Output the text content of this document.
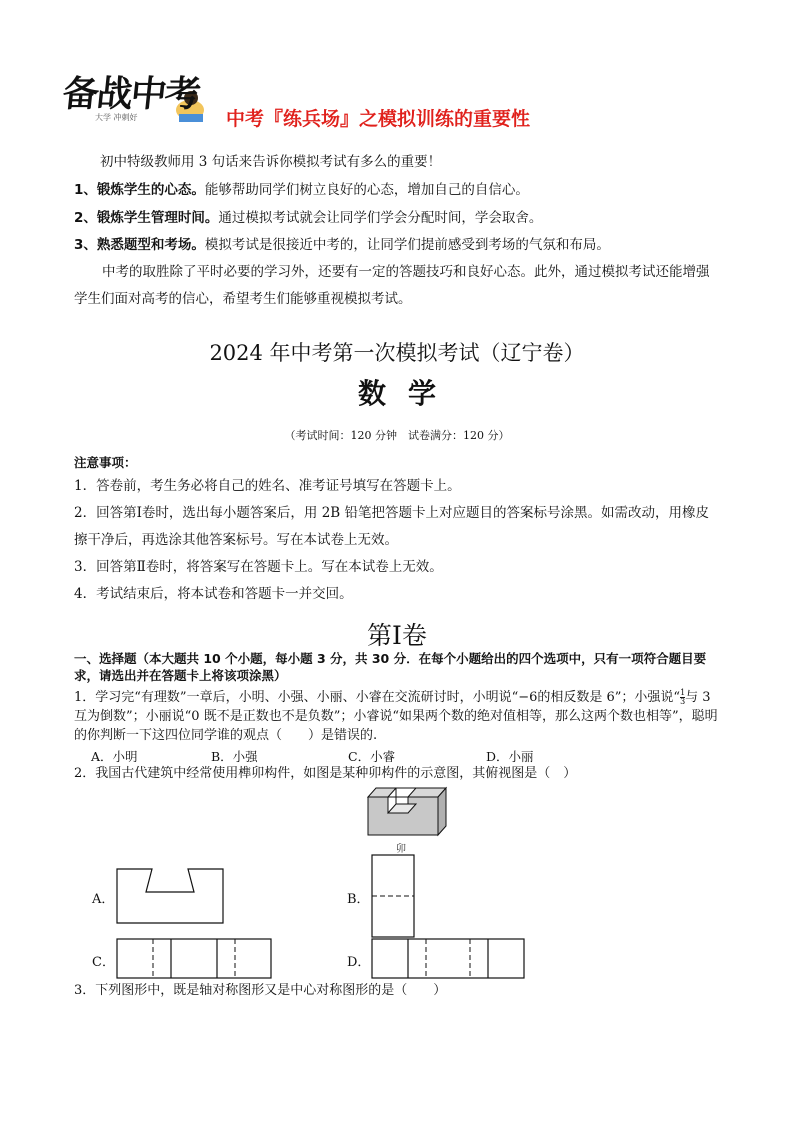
备战中考
大学 冲刺好	中考『练兵场』之模拟训练的重要性
初中特级教师用 3 句话来告诉你模拟考试有多么的重要！
1、锻炼学生的心态。能够帮助同学们树立良好的心态，增加自己的自信心。
2、锻炼学生管理时间。通过模拟考试就会让同学们学会分配时间，学会取舍。
3、熟悉题型和考场。模拟考试是很接近中考的，让同学们提前感受到考场的气氛和布局。
中考的取胜除了平时必要的学习外，还要有一定的答题技巧和良好心态。此外，通过模拟考试还能增强学生们面对高考的信心，希望考生们能够重视模拟考试。
2024 年中考第一次模拟考试（辽宁卷）
数学
（考试时间：120 分钟　试卷满分：120 分）
注意事项：
1．答卷前，考生务必将自己的姓名、准考证号填写在答题卡上。
2．回答第Ⅰ卷时，选出每小题答案后，用 2B 铅笔把答题卡上对应题目的答案标号涂黑。如需改动，用橡皮擦干净后，再选涂其他答案标号。写在本试卷上无效。
3．回答第Ⅱ卷时，将答案写在答题卡上。写在本试卷上无效。
4．考试结束后，将本试卷和答题卡一并交回。
第Ⅰ卷
一、选择题（本大题共 10 个小题，每小题 3 分，共 30 分．在每个小题给出的四个选项中，只有一项符合题目要求，请选出并在答题卡上将该项涂黑）
1．学习完“有理数”一章后，小明、小强、小丽、小睿在交流研讨时，小明说“−6的相反数是 6”；小强说“ $\frac{1}{3}$ 与 3 互为倒数”；小丽说“0 既不是正数也不是负数”；小睿说“如果两个数的绝对值相等，那么这两个数也相等”，聪明的你判断一下这四位同学谁的观点（　　）是错误的.
A．小明	B．小强	C．小睿	D．小丽
2．我国古代建筑中经常使用榫卯构件，如图是某种卯构件的示意图，其俯视图是（　）
卯
A．	B．
C．	D．
3．下列图形中，既是轴对称图形又是中心对称图形的是（　　）
